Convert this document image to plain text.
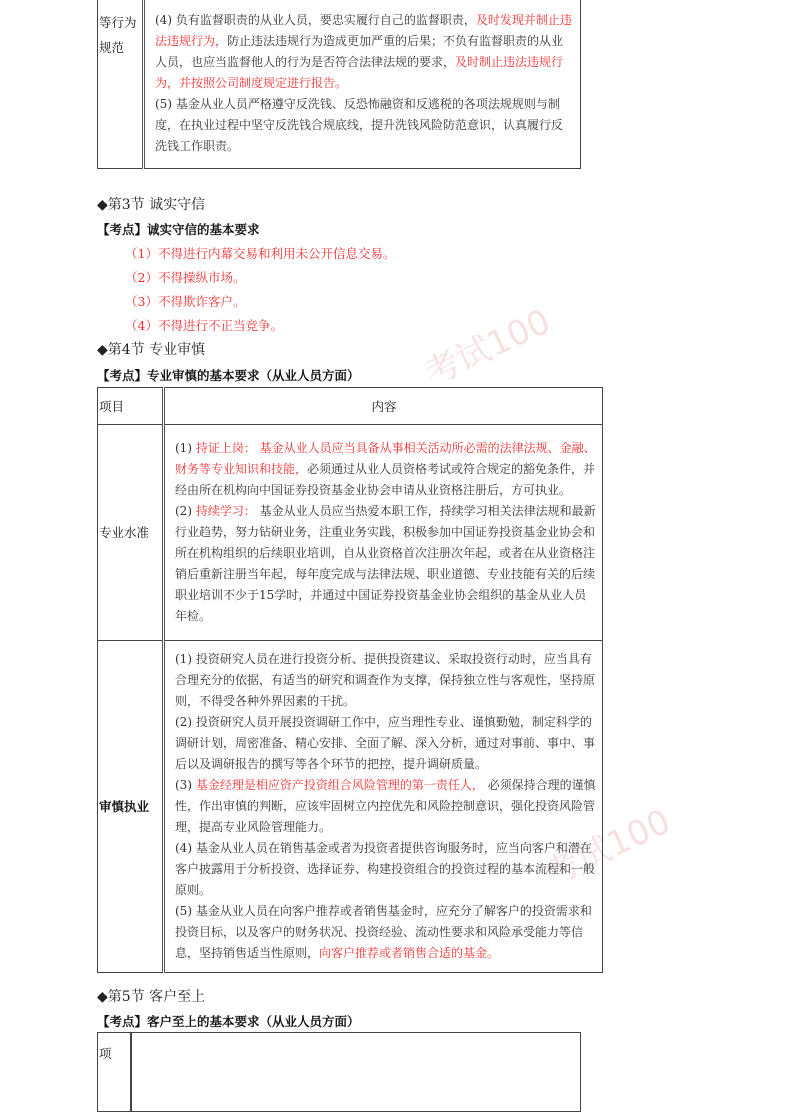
考试100
考试100
等行为规范	
(4) 负有监督职责的从业人员，要忠实履行自己的监督职责，及时发现并制止违法违规行为，防止违法违规行为造成更加严重的后果；不负有监督职责的从业人员，也应当监督他人的行为是否符合法律法规的要求，及时制止违法违规行为，并按照公司制度规定进行报告。
(5) 基金从业人员严格遵守反洗钱、反恐怖融资和反逃税的各项法规规则与制度，在执业过程中坚守反洗钱合规底线，提升洗钱风险防范意识，认真履行反洗钱工作职责。
◆第3节 诚实守信
【考点】诚实守信的基本要求
（1）不得进行内幕交易和利用未公开信息交易。
（2）不得操纵市场。
（3）不得欺诈客户。
（4）不得进行不正当竞争。
◆第4节 专业审慎
【考点】专业审慎的基本要求（从业人员方面）
项目	内容
专业水准	(1) 持证上岗： 基金从业人员应当具备从事相关活动所必需的法律法规、金融、财务等专业知识和技能，必须通过从业人员资格考试或符合规定的豁免条件，并经由所在机构向中国证券投资基金业协会申请从业资格注册后，方可执业。
(2) 持续学习： 基金从业人员应当热爱本职工作，持续学习相关法律法规和最新行业趋势，努力钻研业务，注重业务实践，积极参加中国证券投资基金业协会和所在机构组织的后续职业培训，自从业资格首次注册次年起，或者在从业资格注销后重新注册当年起，每年度完成与法律法规、职业道德、专业技能有关的后续职业培训不少于15学时，并通过中国证券投资基金业协会组织的基金从业人员年检。

审慎执业	(1) 投资研究人员在进行投资分析、提供投资建议、采取投资行动时，应当具有合理充分的依据，有适当的研究和调查作为支撑，保持独立性与客观性，坚持原则，不得受各种外界因素的干扰。
(2) 投资研究人员开展投资调研工作中，应当理性专业、谨慎勤勉，制定科学的调研计划，周密准备、精心安排、全面了解、深入分析，通过对事前、事中、事后以及调研报告的撰写等各个环节的把控，提升调研质量。
(3) 基金经理是相应资产投资组合风险管理的第一责任人， 必须保持合理的谨慎性，作出审慎的判断，应该牢固树立内控优先和风险控制意识，强化投资风险管理，提高专业风险管理能力。
(4) 基金从业人员在销售基金或者为投资者提供咨询服务时，应当向客户和潜在客户披露用于分析投资、选择证券、构建投资组合的投资过程的基本流程和一般原则。
(5) 基金从业人员在向客户推荐或者销售基金时，应充分了解客户的投资需求和投资目标，以及客户的财务状况、投资经验、流动性要求和风险承受能力等信息，坚持销售适当性原则，向客户推荐或者销售合适的基金。
◆第5节 客户至上
【考点】客户至上的基本要求（从业人员方面）
项	
